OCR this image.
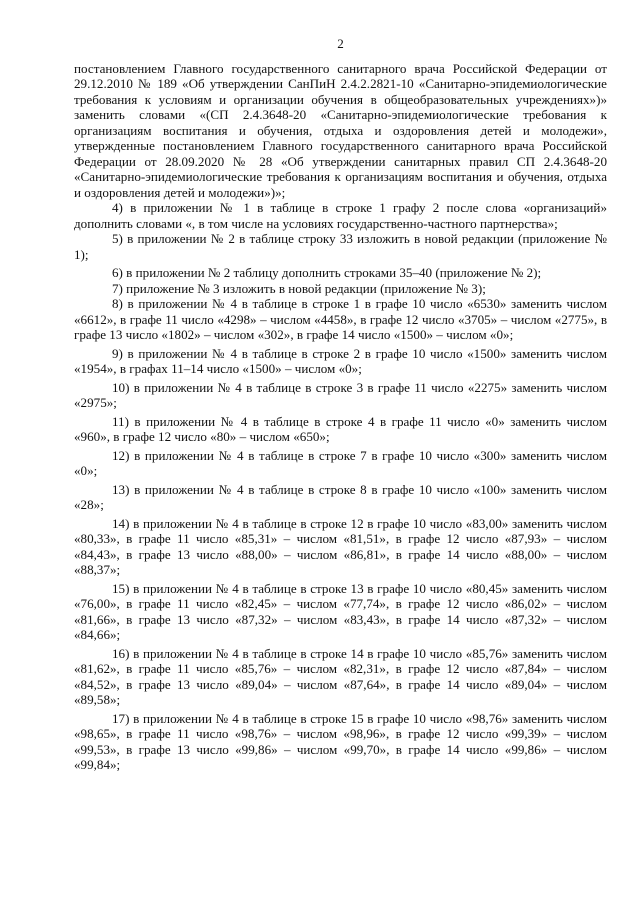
2

постановлением Главного государственного санитарного врача Российской Федерации от 29.12.2010 № 189 «Об утверждении СанПиН 2.4.2.2821-10 «Санитарно-эпидемиологические требования к условиям и организации обучения в общеобразовательных учреждениях»)» заменить словами «(СП 2.4.3648-20 «Санитарно-эпидемиологические требования к организациям воспитания и обучения, отдыха и оздоровления детей и молодежи», утвержденные постановлением Главного государственного санитарного врача Российской Федерации от 28.09.2020 № 28 «Об утверждении санитарных правил СП 2.4.3648-20 «Санитарно-эпидемиологические требования к организациям воспитания и обучения, отдыха и оздоровления детей и молодежи»)»;

4) в приложении № 1 в таблице в строке 1 графу 2 после слова «организаций» дополнить словами «, в том числе на условиях государственно-частного партнерства»;

5) в приложении № 2 в таблице строку 33 изложить в новой редакции (приложение № 1);

6) в приложении № 2 таблицу дополнить строками 35–40 (приложение № 2);

7) приложение № 3 изложить в новой редакции (приложение № 3);

8) в приложении № 4 в таблице в строке 1 в графе 10 число «6530» заменить числом «6612», в графе 11 число «4298» – числом «4458», в графе 12 число «3705» – числом «2775», в графе 13 число «1802» – числом «302», в графе 14 число «1500» – числом «0»;

9) в приложении № 4 в таблице в строке 2 в графе 10 число «1500» заменить числом «1954», в графах 11–14 число «1500» – числом «0»;

10) в приложении № 4 в таблице в строке 3 в графе 11 число «2275» заменить числом «2975»;

11) в приложении № 4 в таблице в строке 4 в графе 11 число «0» заменить числом «960», в графе 12 число «80» – числом «650»;

12) в приложении № 4 в таблице в строке 7 в графе 10 число «300» заменить числом «0»;

13) в приложении № 4 в таблице в строке 8 в графе 10 число «100» заменить числом «28»;

14) в приложении № 4 в таблице в строке 12 в графе 10 число «83,00» заменить числом «80,33», в графе 11 число «85,31» – числом «81,51», в графе 12 число «87,93» – числом «84,43», в графе 13 число «88,00» – числом «86,81», в графе 14 число «88,00» – числом «88,37»;

15) в приложении № 4 в таблице в строке 13 в графе 10 число «80,45» заменить числом «76,00», в графе 11 число «82,45» – числом «77,74», в графе 12 число «86,02» – числом «81,66», в графе 13 число «87,32» – числом «83,43», в графе 14 число «87,32» – числом «84,66»;

16) в приложении № 4 в таблице в строке 14 в графе 10 число «85,76» заменить числом «81,62», в графе 11 число «85,76» – числом «82,31», в графе 12 число «87,84» – числом «84,52», в графе 13 число «89,04» – числом «87,64», в графе 14 число «89,04» – числом «89,58»;

17) в приложении № 4 в таблице в строке 15 в графе 10 число «98,76» заменить числом «98,65», в графе 11 число «98,76» – числом «98,96», в графе 12 число «99,39» – числом «99,53», в графе 13 число «99,86» – числом «99,70», в графе 14 число «99,86» – числом «99,84»;
